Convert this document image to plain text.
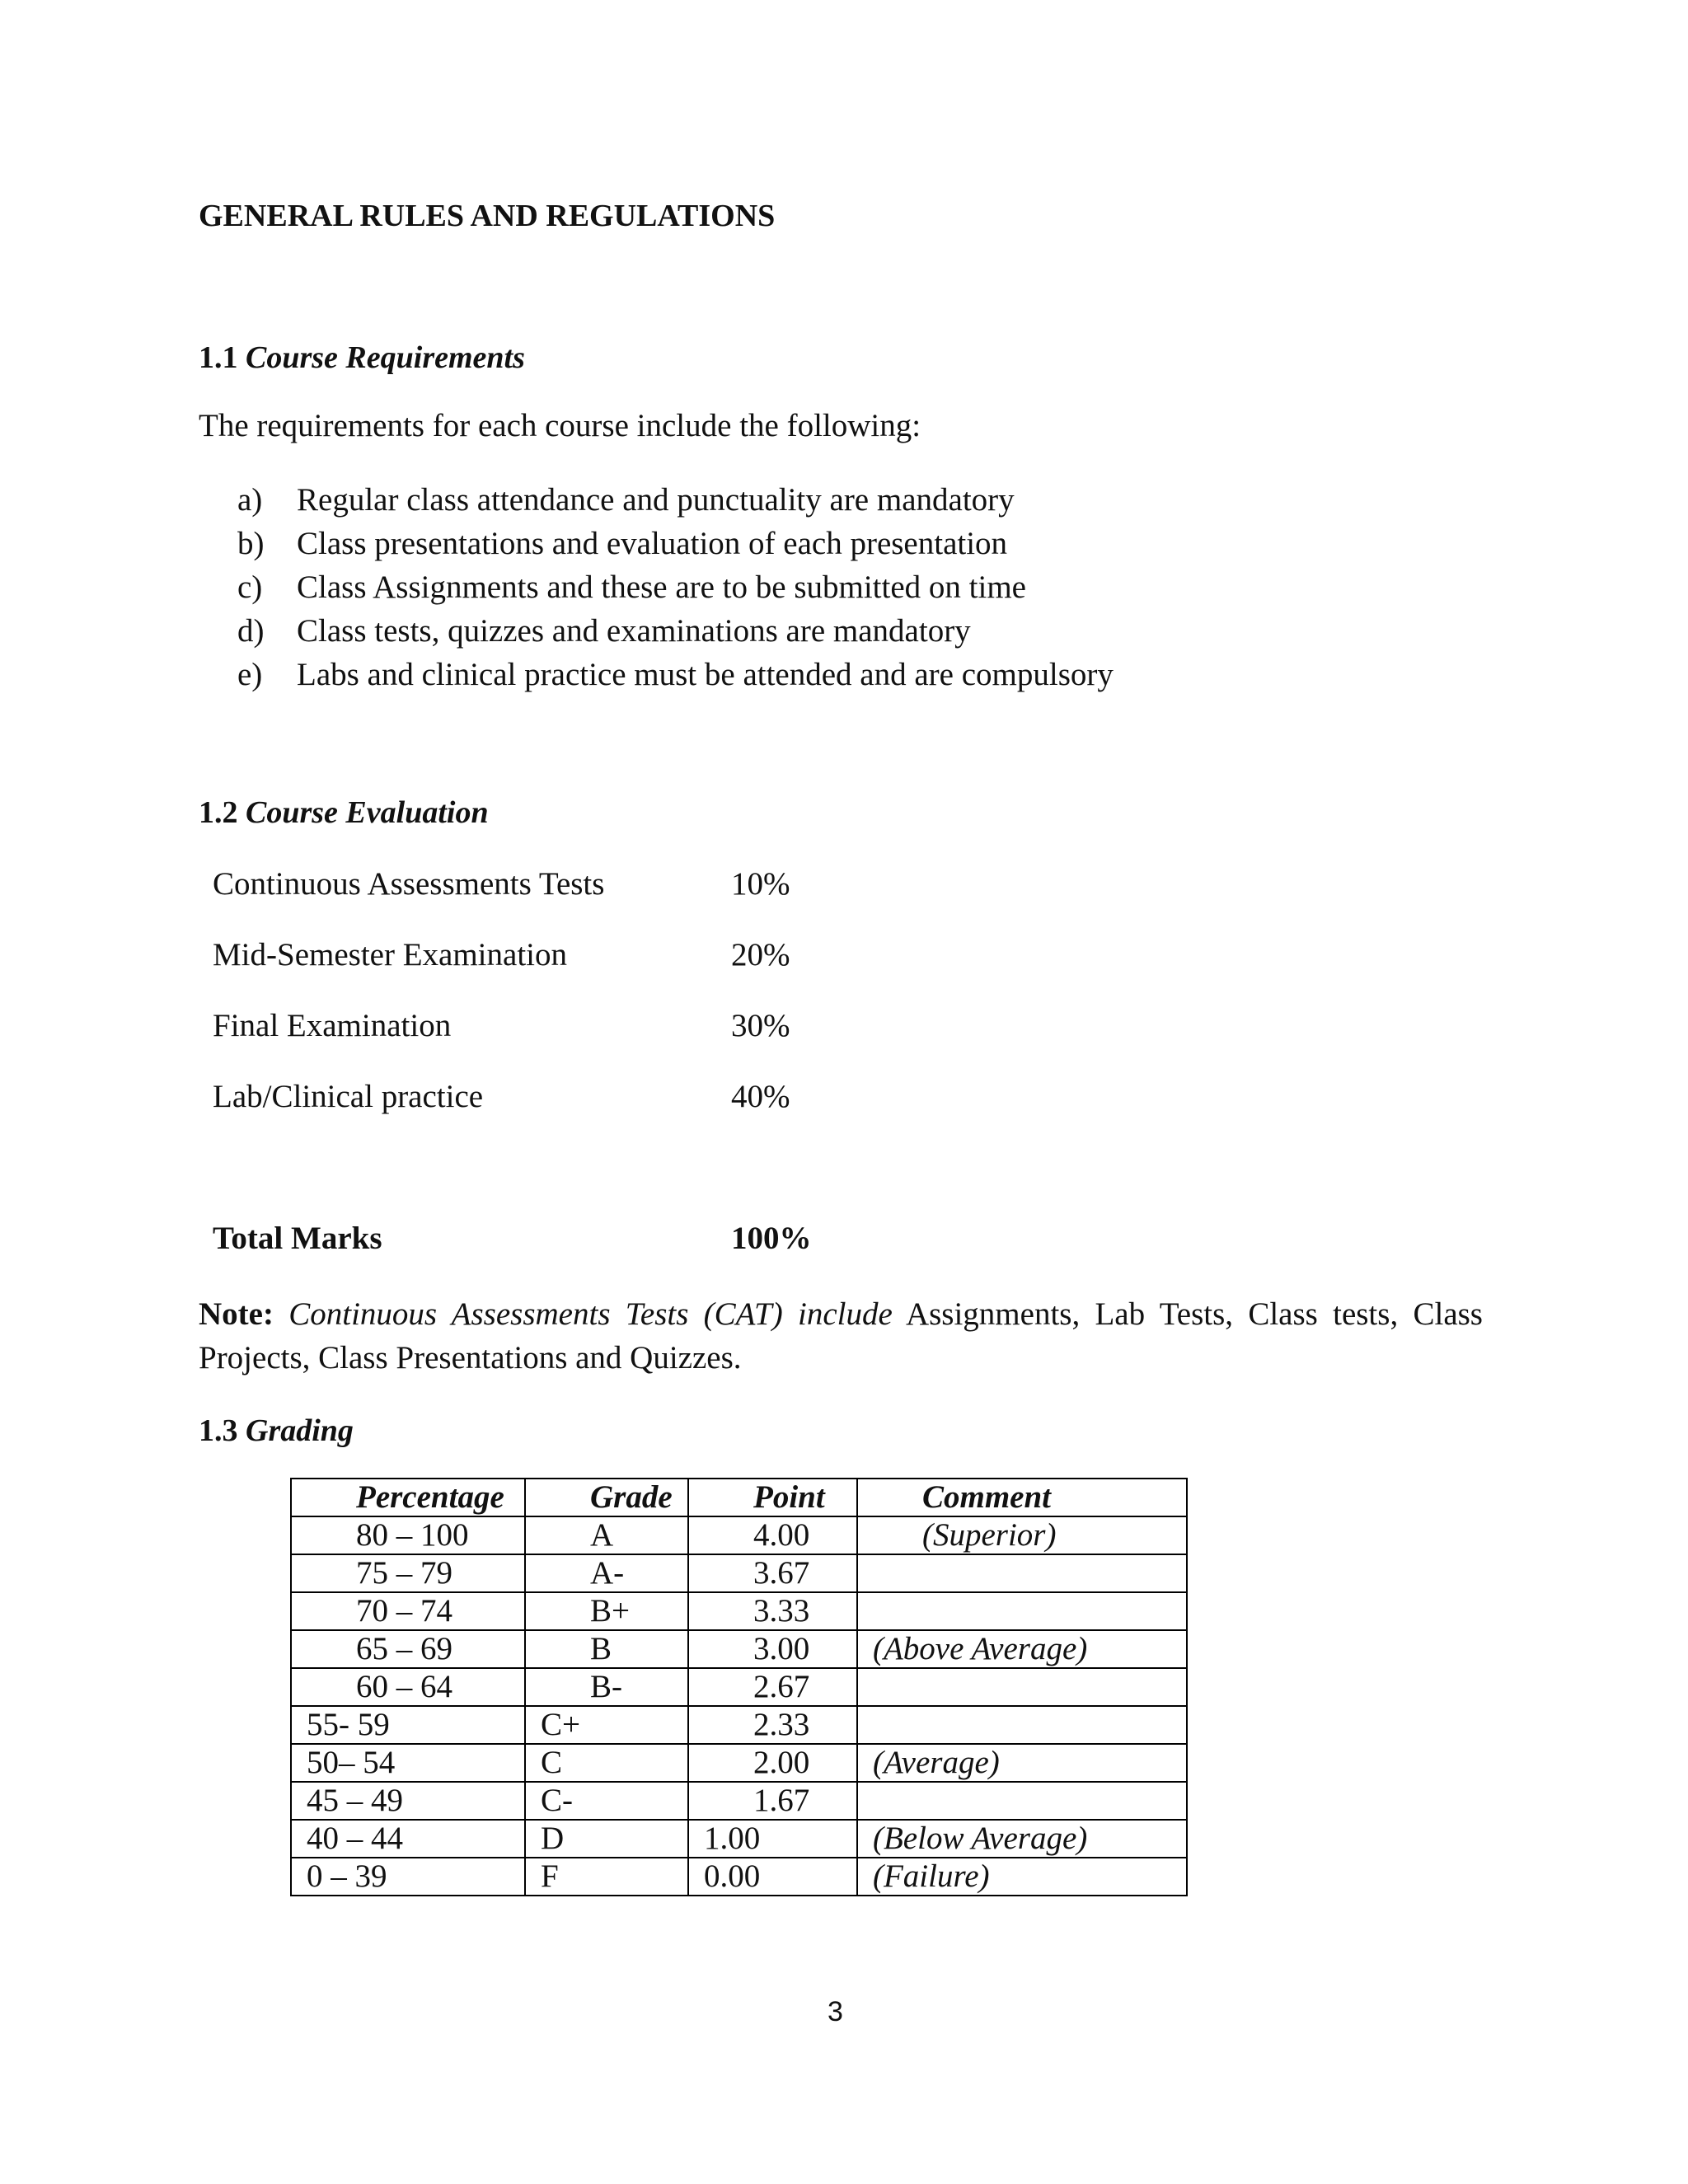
GENERAL RULES AND REGULATIONS
1.1 Course Requirements
The requirements for each course include the following:
a) Regular class attendance and punctuality are mandatory
b) Class presentations and evaluation of each presentation
c) Class Assignments and these are to be submitted on time
d) Class tests, quizzes and examinations are mandatory
e) Labs and clinical practice must be attended and are compulsory
1.2 Course Evaluation
Continuous Assessments Tests	10%
Mid-Semester Examination	20%
Final Examination	30%
Lab/Clinical practice	40%
Total Marks	100%
Note: Continuous Assessments Tests (CAT) include Assignments, Lab Tests, Class tests, Class Projects, Class Presentations and Quizzes.
1.3 Grading
Percentage	Grade	Point	Comment
80 – 100	A	4.00	(Superior)
75 – 79	A-	3.67	
70 – 74	B+	3.33	
65 – 69	B	3.00	(Above Average)
60 – 64	B-	2.67	
55- 59	C+	2.33	
50– 54	C	2.00	(Average)
45 – 49	C-	1.67	
40 – 44	D	1.00	(Below Average)
0 – 39	F	0.00	(Failure)
3
